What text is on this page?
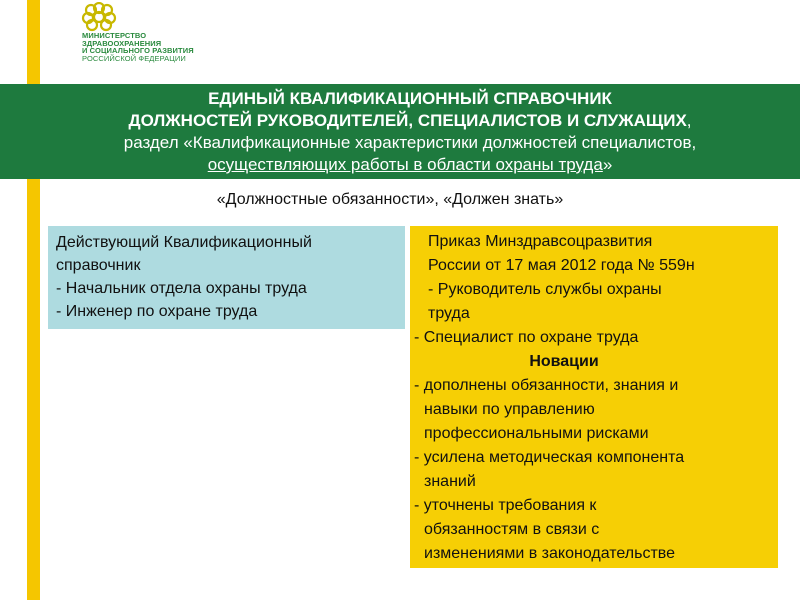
МИНИСТЕРСТВО
ЗДРАВООХРАНЕНИЯ
И СОЦИАЛЬНОГО РАЗВИТИЯ
РОССИЙСКОЙ ФЕДЕРАЦИИ
ЕДИНЫЙ КВАЛИФИКАЦИОННЫЙ СПРАВОЧНИК
ДОЛЖНОСТЕЙ РУКОВОДИТЕЛЕЙ, СПЕЦИАЛИСТОВ И СЛУЖАЩИХ,
раздел «Квалификационные характеристики должностей специалистов,
осуществляющих работы в области охраны труда»
«Должностные обязанности», «Должен знать»
Действующий Квалификационный
справочник
- Начальник отдела охраны труда
- Инженер по охране труда
Приказ Минздравсоцразвития
России от 17 мая 2012 года № 559н
- Руководитель службы охраны
труда
- Специалист по охране труда
Новации
- дополнены обязанности, знания и
навыки по управлению
профессиональными рисками
- усилена методическая компонента
знаний
- уточнены требования к
обязанностям в связи с
изменениями в законодательстве
